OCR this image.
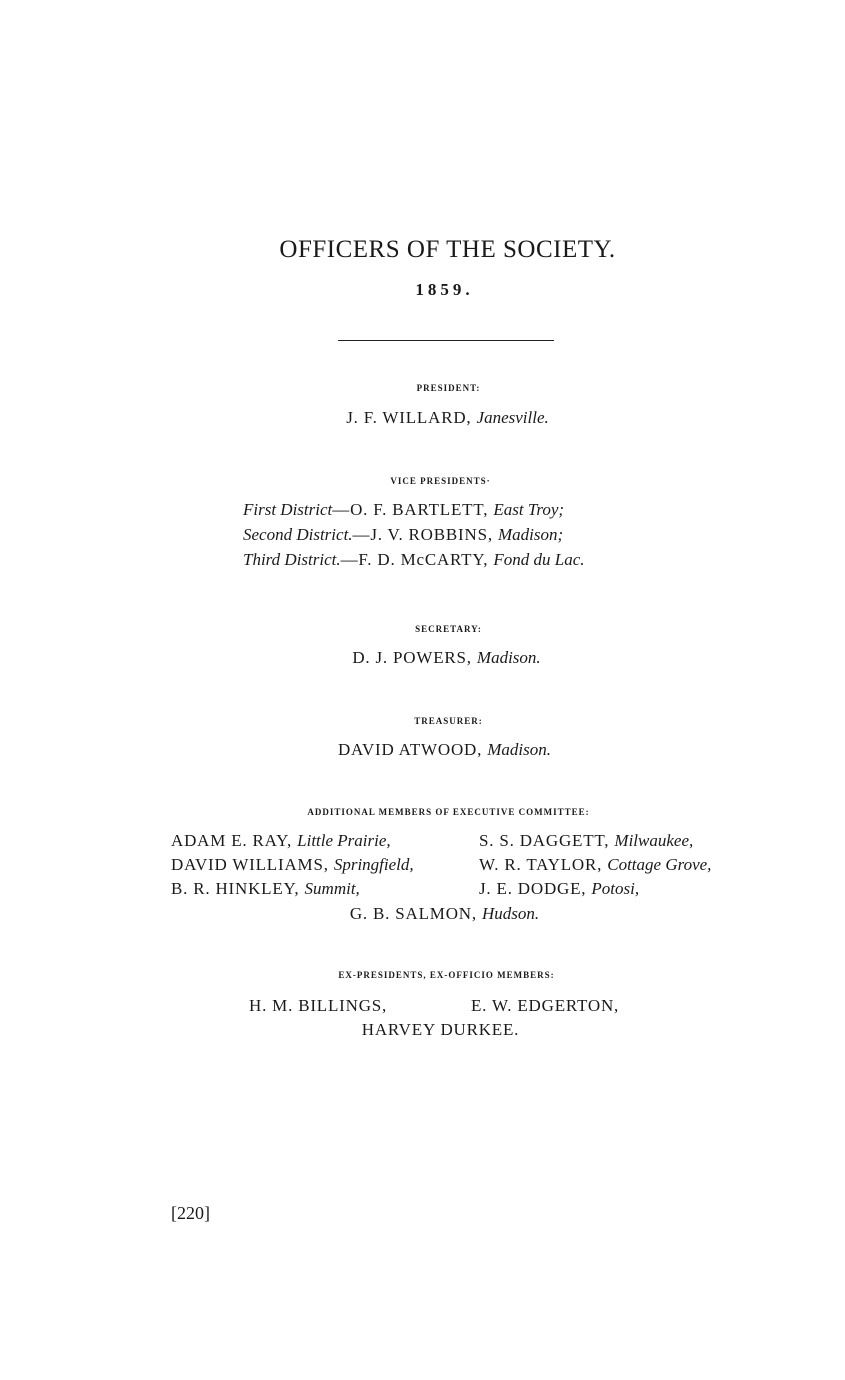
OFFICERS OF THE SOCIETY.
1859.
PRESIDENT:
J. F. WILLARD, Janesville.
VICE PRESIDENTS·
First District—O. F. BARTLETT, East Troy;
Second District.—J. V. ROBBINS, Madison;
Third District.—F. D. McCARTY, Fond du Lac.
SECRETARY:
D. J. POWERS, Madison.
TREASURER:
DAVID ATWOOD, Madison.
ADDITIONAL MEMBERS OF EXECUTIVE COMMITTEE:
ADAM E. RAY, Little Prairie,
DAVID WILLIAMS, Springfield,
B. R. HINKLEY, Summit,
S. S. DAGGETT, Milwaukee,
W. R. TAYLOR, Cottage Grove,
J. E. DODGE, Potosi,
G. B. SALMON, Hudson.
EX-PRESIDENTS, EX-OFFICIO MEMBERS:
H. M. BILLINGS,	E. W. EDGERTON,
HARVEY DURKEE.
[220]
